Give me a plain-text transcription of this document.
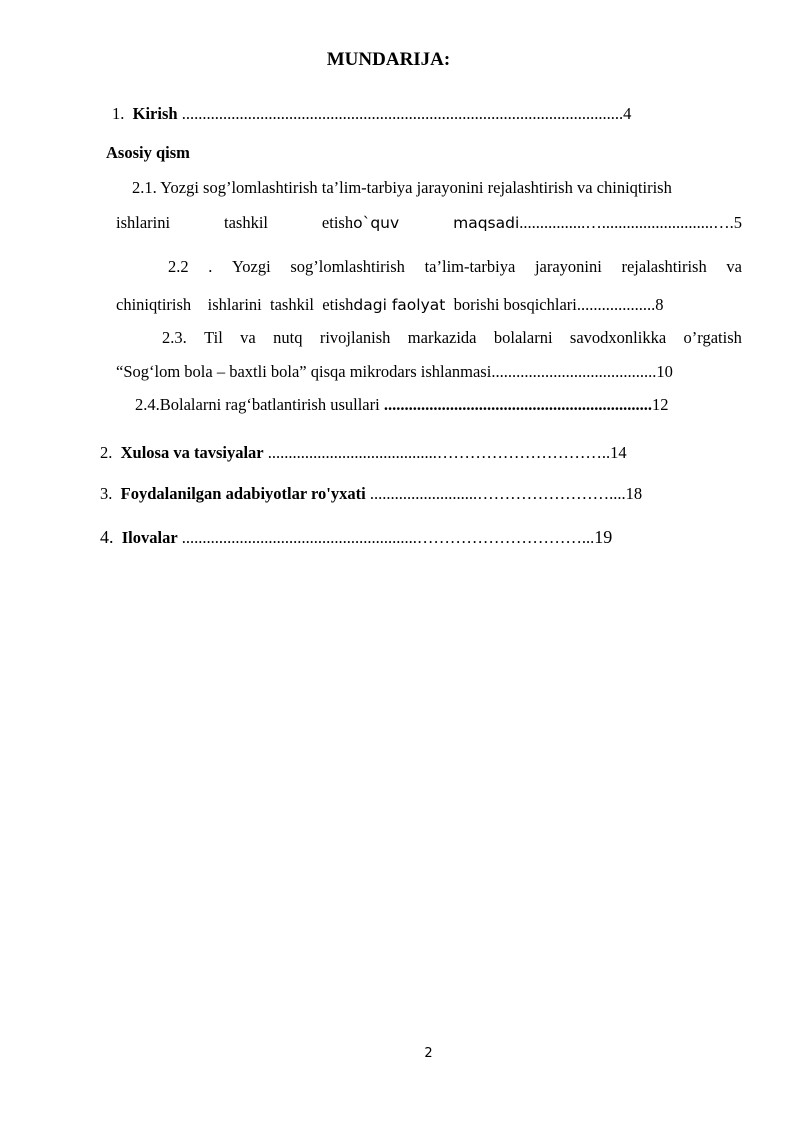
MUNDARIJA:
1. Kirish ...........................................................................................................4
Asosiy qism
2.1. Yozgi sog’lomlashtirish ta’lim-tarbiya jarayonini rejalashtirish va chiniqtirish
ishlarini	tashkil	etisho`quv	maqsadi................…...........................….5
2.2 . Yozgi sog’lomlashtirish ta’lim-tarbiya jarayonini rejalashtirish va
chiniqtirish ishlarini tashkil etishdagi faolyat borishi bosqichlari...................8
2.3. Til va nutq rivojlanish markazida bolalarni savodxonlikka o’rgatish
“Sog‘lom bola – baxtli bola” qisqa mikrodars ishlanmasi........................................10
2.4.Bolalarni rag‘batlantirish usullari .................................................................12
2. Xulosa va tavsiyalar .........................................…………………………..14
3. Foydalanilgan adabiyotlar ro'yxati ..........................……………………....18
4. Ilovalar .........................................................…………………………...19
2
